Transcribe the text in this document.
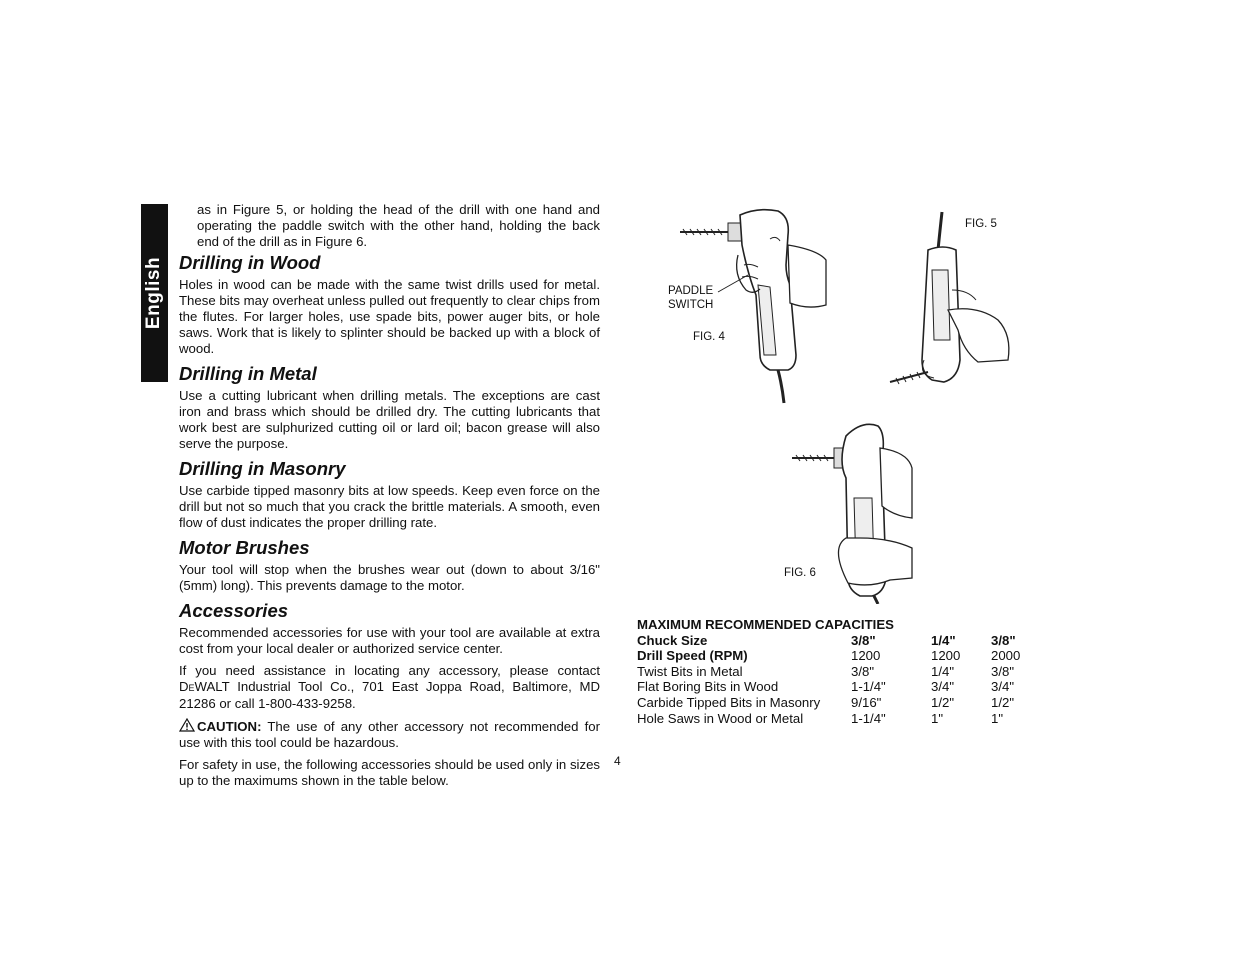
English
as in Figure 5, or holding the head of the drill with one hand and operating the paddle switch with the other hand, holding the back end of the drill as in Figure 6.
Drilling in Wood

Holes in wood can be made with the same twist drills used for metal. These bits may overheat unless pulled out frequently to clear chips from the flutes. For larger holes, use spade bits, power auger bits, or hole saws. Work that is likely to splinter should be backed up with a block of wood.

Drilling in Metal

Use a cutting lubricant when drilling metals. The exceptions are cast iron and brass which should be drilled dry. The cutting lubricants that work best are sulphurized cutting oil or lard oil; bacon grease will also serve the purpose.

Drilling in Masonry

Use carbide tipped masonry bits at low speeds. Keep even force on the drill but not so much that you crack the brittle materials. A smooth, even flow of dust indicates the proper drilling rate.

Motor Brushes

Your tool will stop when the brushes wear out (down to about 3/16" (5mm) long). This prevents damage to the motor.

Accessories

Recommended accessories for use with your tool are available at extra cost from your local dealer or authorized service center.

If you need assistance in locating any accessory, please contact DEWALT Industrial Tool Co., 701 East Joppa Road, Baltimore, MD 21286 or call 1-800-433-9258.

CAUTION: The use of any other accessory not recommended for use with this tool could be hazardous.

For safety in use, the following accessories should be used only in sizes up to the maximums shown in the table below.

4
PADDLE
SWITCH
FIG. 4
FIG. 5
FIG. 6
MAXIMUM RECOMMENDED CAPACITIES			
Chuck Size	3/8"	1/4"	3/8"
Drill Speed (RPM)	1200	1200	2000
Twist Bits in Metal	3/8"	1/4"	3/8"
Flat Boring Bits in Wood	1-1/4"	3/4"	3/4"
Carbide Tipped Bits in Masonry	9/16"	1/2"	1/2"
Hole Saws in Wood or Metal	1-1/4"	1"	1"
